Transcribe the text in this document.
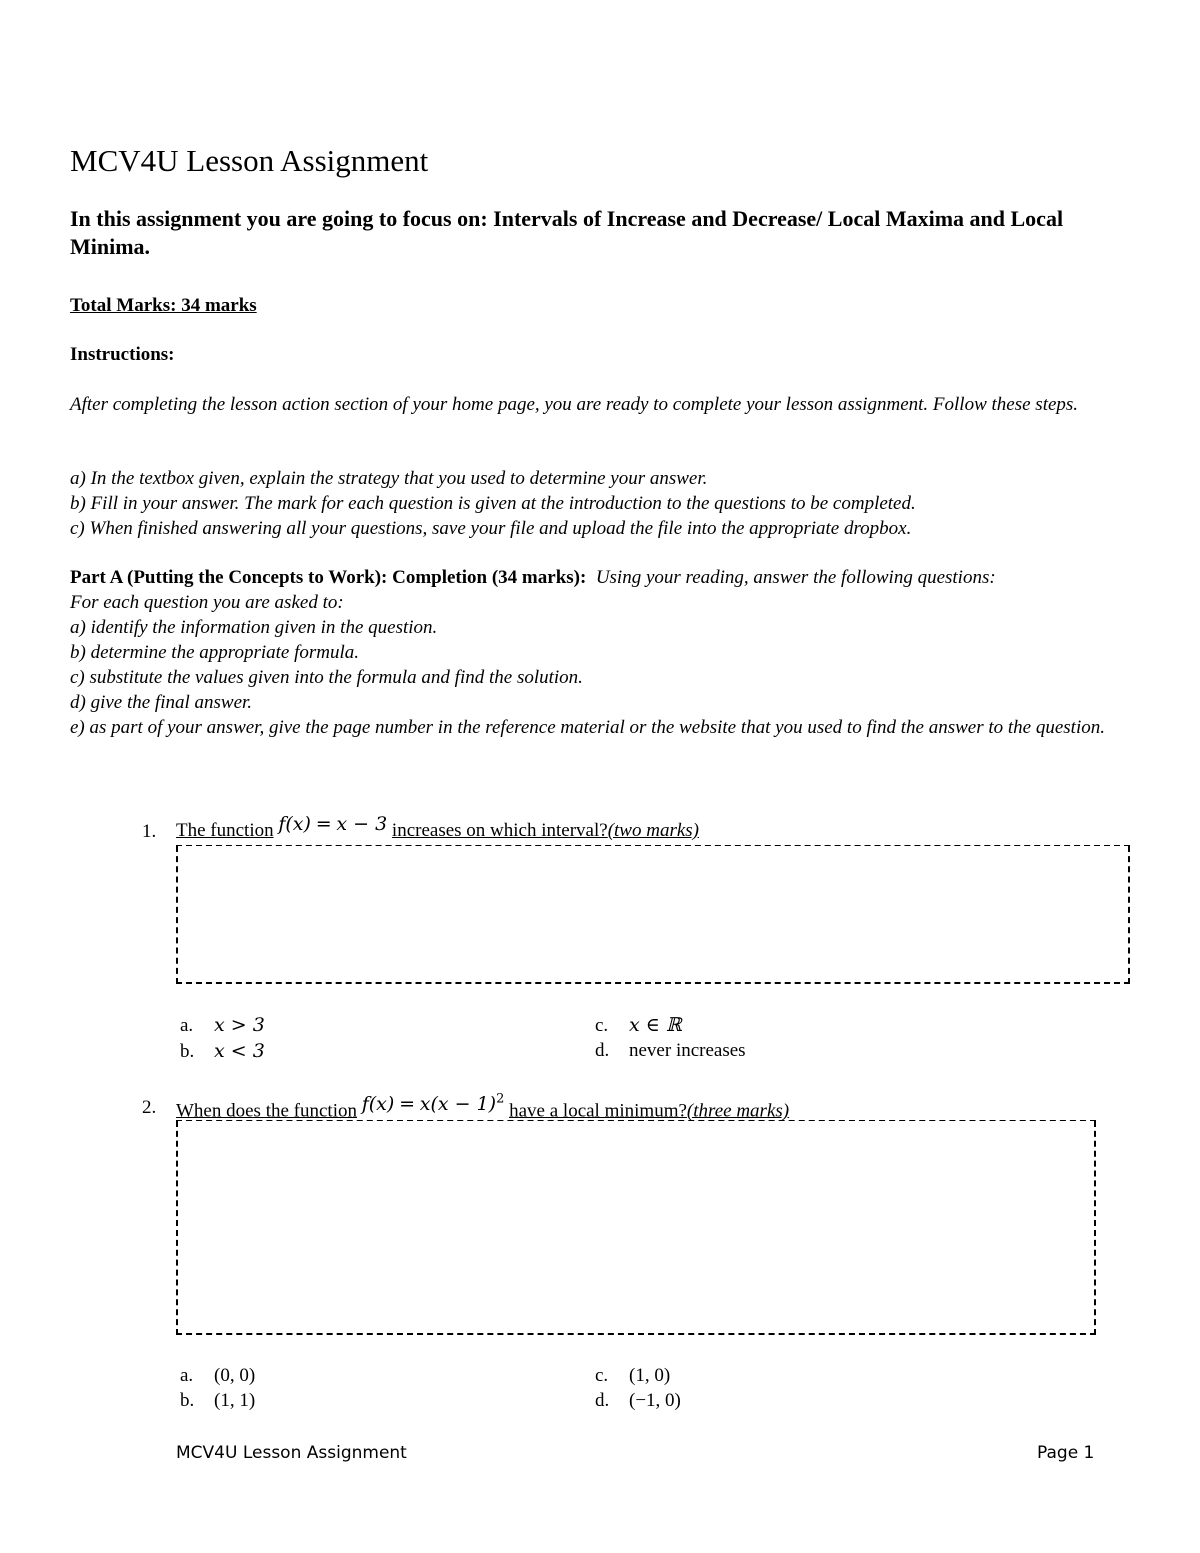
MCV4U Lesson Assignment
In this assignment you are going to focus on: Intervals of Increase and Decrease/ Local Maxima and Local Minima.
Total Marks: 34 marks
Instructions:
After completing the lesson action section of your home page, you are ready to complete your lesson assignment. Follow these steps.
a) In the textbox given, explain the strategy that you used to determine your answer.
b) Fill in your answer. The mark for each question is given at the introduction to the questions to be completed.
c) When finished answering all your questions, save your file and upload the file into the appropriate dropbox.
Part A (Putting the Concepts to Work): Completion (34 marks): Using your reading, answer the following questions:
For each question you are asked to:
a) identify the information given in the question.
b) determine the appropriate formula.
c) substitute the values given into the formula and find the solution.
d) give the final answer.
e) as part of your answer, give the page number in the reference material or the website that you used to find the answer to the question.
1. The function f(x) = x − 3 increases on which interval?(two marks)
a. x > 3
b. x < 3
c. x ∈ ℝ
d. never increases
2. When does the function $f(x) = x(x - 1)^2$ have a local minimum?(three marks)
a. (0, 0)
b. (1, 1)
c. (1, 0)
d. (−1, 0)
MCV4U Lesson Assignment	Page 1
